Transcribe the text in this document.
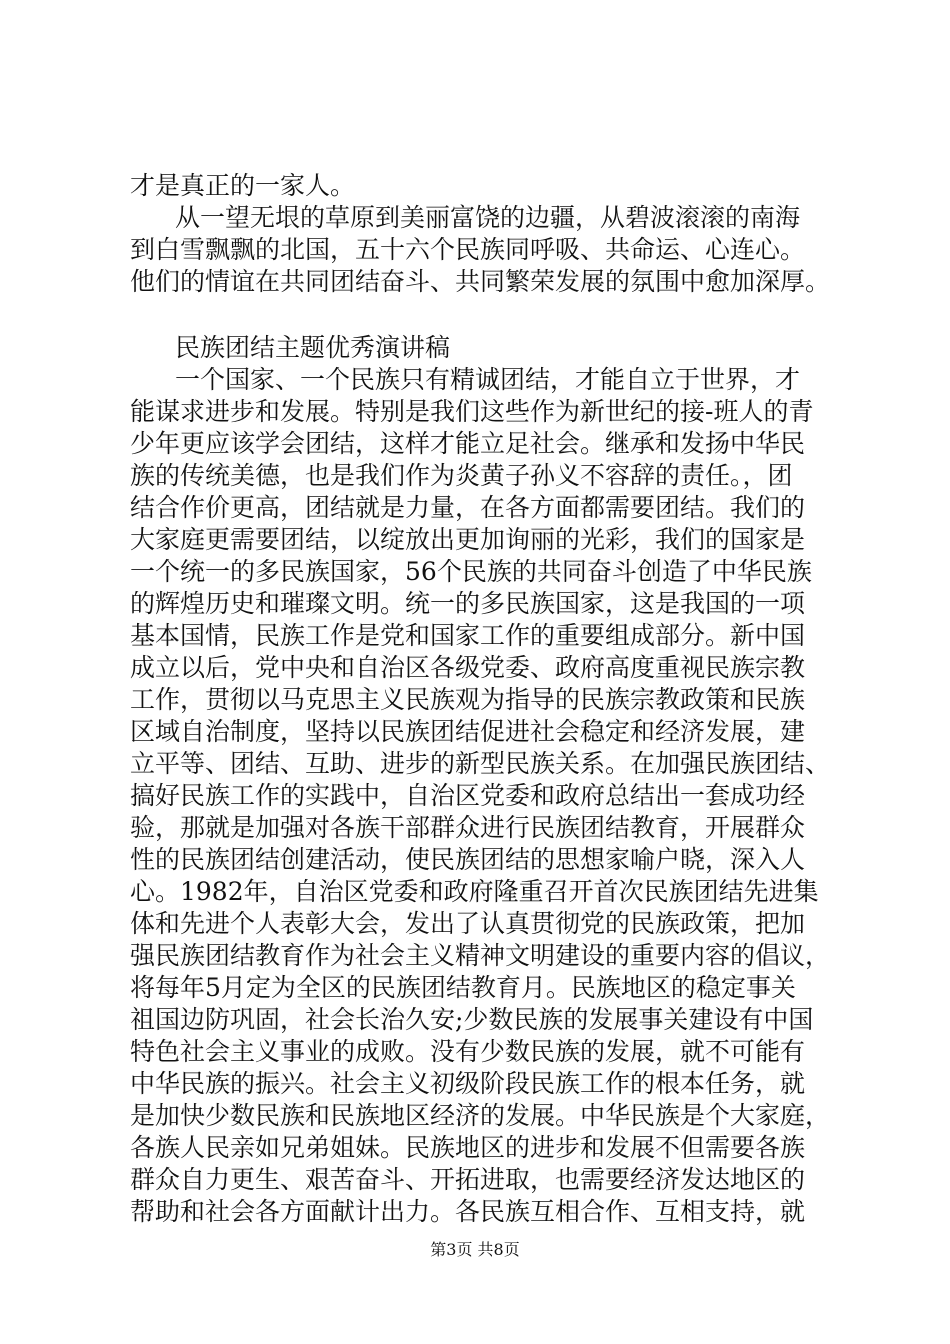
才是真正的一家人。
从一望无垠的草原到美丽富饶的边疆，从碧波滚滚的南海
到白雪飘飘的北国，五十六个民族同呼吸、共命运、心连心。
他们的情谊在共同团结奋斗、共同繁荣发展的氛围中愈加深厚。
民族团结主题优秀演讲稿
一个国家、一个民族只有精诚团结，才能自立于世界，才
能谋求进步和发展。特别是我们这些作为新世纪的接-班人的青
少年更应该学会团结，这样才能立足社会。继承和发扬中华民
族的传统美德，也是我们作为炎黄子孙义不容辞的责任。，团
结合作价更高，团结就是力量，在各方面都需要团结。我们的
大家庭更需要团结，以绽放出更加询丽的光彩，我们的国家是
一个统一的多民族国家，56个民族的共同奋斗创造了中华民族
的辉煌历史和璀璨文明。统一的多民族国家，这是我国的一项
基本国情，民族工作是党和国家工作的重要组成部分。新中国
成立以后，党中央和自治区各级党委、政府高度重视民族宗教
工作，贯彻以马克思主义民族观为指导的民族宗教政策和民族
区域自治制度，坚持以民族团结促进社会稳定和经济发展，建
立平等、团结、互助、进步的新型民族关系。在加强民族团结、
搞好民族工作的实践中，自治区党委和政府总结出一套成功经
验，那就是加强对各族干部群众进行民族团结教育，开展群众
性的民族团结创建活动，使民族团结的思想家喻户晓，深入人
心。1982年，自治区党委和政府隆重召开首次民族团结先进集
体和先进个人表彰大会，发出了认真贯彻党的民族政策，把加
强民族团结教育作为社会主义精神文明建设的重要内容的倡议，
将每年5月定为全区的民族团结教育月。民族地区的稳定事关
祖国边防巩固，社会长治久安;少数民族的发展事关建设有中国
特色社会主义事业的成败。没有少数民族的发展，就不可能有
中华民族的振兴。社会主义初级阶段民族工作的根本任务，就
是加快少数民族和民族地区经济的发展。中华民族是个大家庭，
各族人民亲如兄弟姐妹。民族地区的进步和发展不但需要各族
群众自力更生、艰苦奋斗、开拓进取，也需要经济发达地区的
帮助和社会各方面献计出力。各民族互相合作、互相支持，就
第3页 共8页
